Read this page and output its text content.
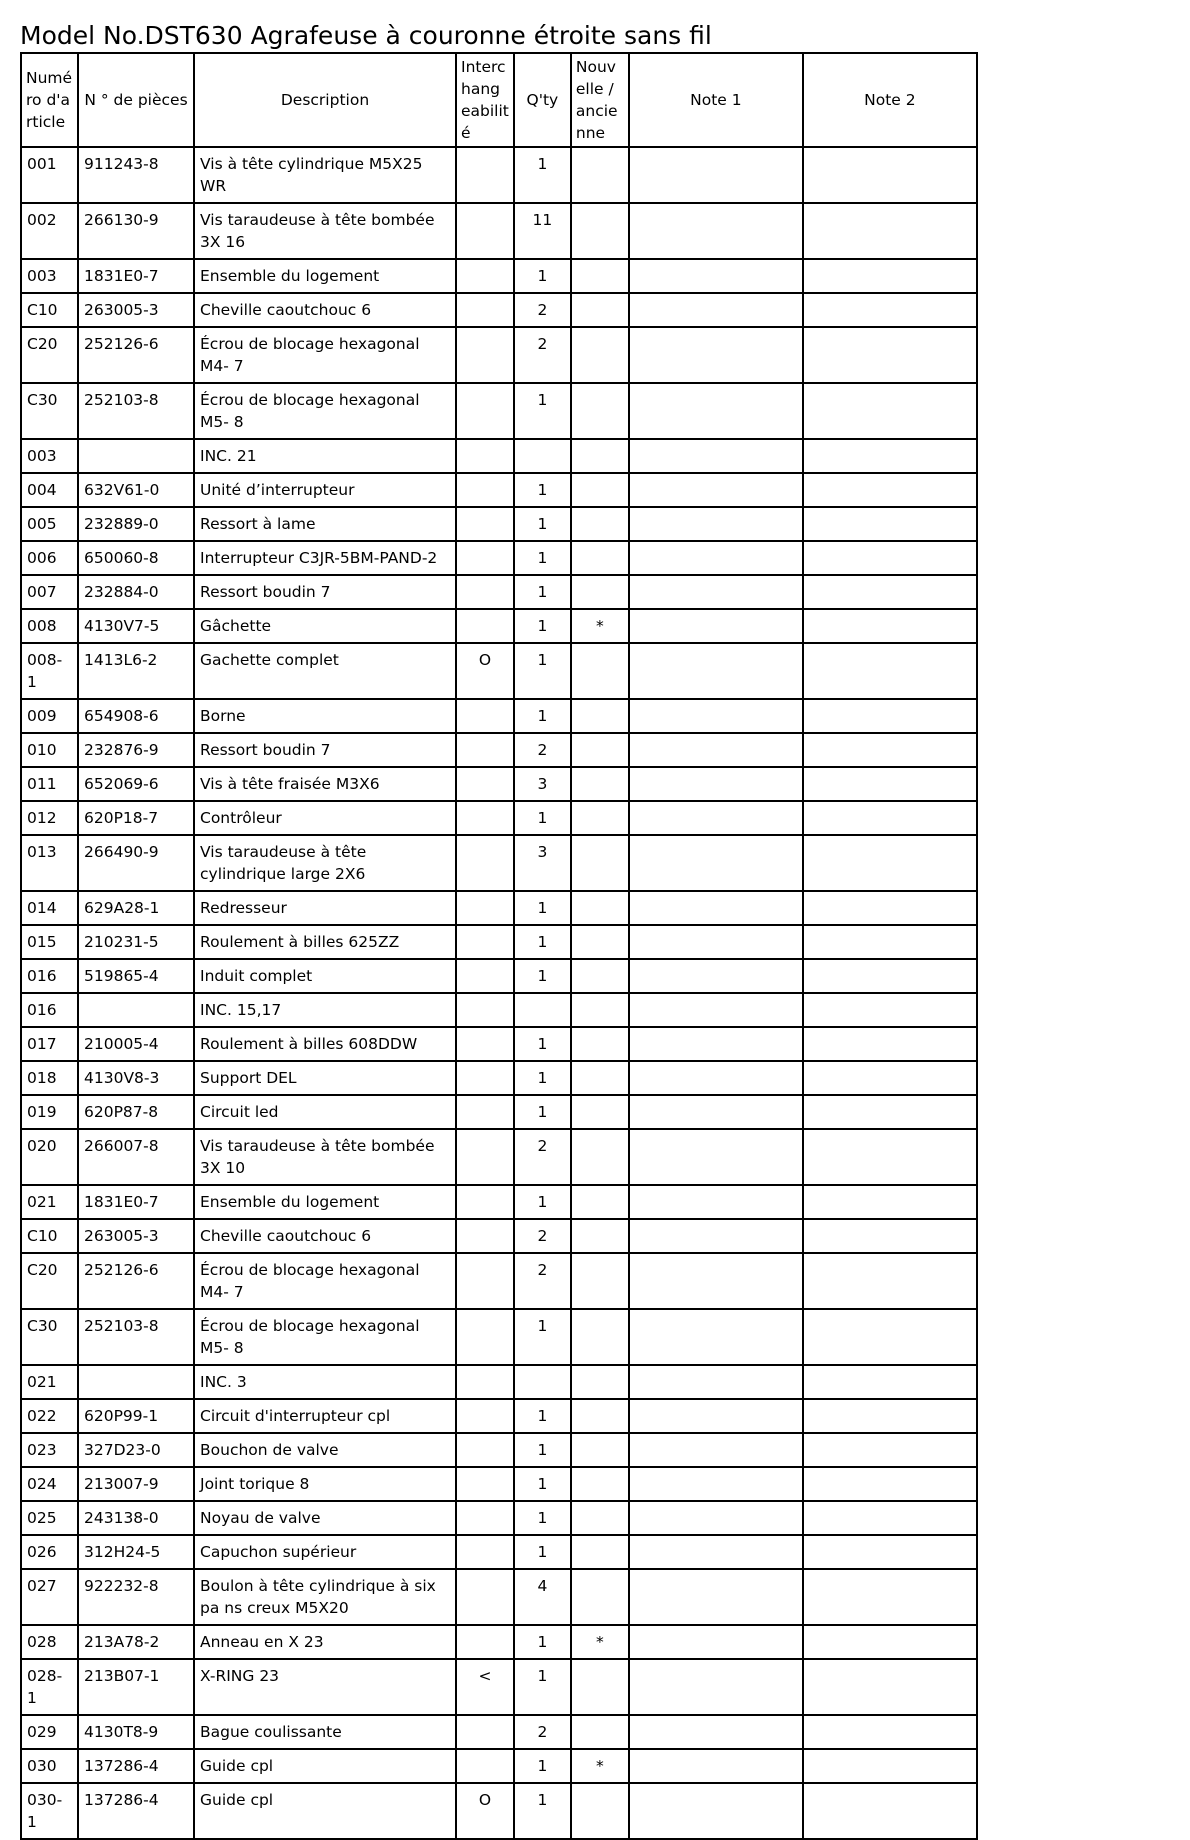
Model No.DST630 Agrafeuse à couronne étroite sans fil
Numé ro d'a rticle	N ° de pièces	Description	Interc hang eabilit é	Q'ty	Nouv elle / ancie nne	Note 1	Note 2
001	911243-8	Vis à tête cylindrique M5X25 WR		1			
002	266130-9	Vis taraudeuse à tête bombée 3X 16		11			
003	1831E0-7	Ensemble du logement		1			
C10	263005-3	Cheville caoutchouc 6		2			
C20	252126-6	Écrou de blocage hexagonal M4- 7		2			
C30	252103-8	Écrou de blocage hexagonal M5- 8		1			
003		INC. 21					
004	632V61-0	Unité d’interrupteur		1			
005	232889-0	Ressort à lame		1			
006	650060-8	Interrupteur C3JR-5BM-PAND-2		1			
007	232884-0	Ressort boudin 7		1			
008	4130V7-5	Gâchette		1	*		
008-1	1413L6-2	Gachette complet	O	1			
009	654908-6	Borne		1			
010	232876-9	Ressort boudin 7		2			
011	652069-6	Vis à tête fraisée M3X6		3			
012	620P18-7	Contrôleur		1			
013	266490-9	Vis taraudeuse à tête cylindrique large 2X6		3			
014	629A28-1	Redresseur		1			
015	210231-5	Roulement à billes 625ZZ		1			
016	519865-4	Induit complet		1			
016		INC. 15,17					
017	210005-4	Roulement à billes 608DDW		1			
018	4130V8-3	Support DEL		1			
019	620P87-8	Circuit led		1			
020	266007-8	Vis taraudeuse à tête bombée 3X 10		2			
021	1831E0-7	Ensemble du logement		1			
C10	263005-3	Cheville caoutchouc 6		2			
C20	252126-6	Écrou de blocage hexagonal M4- 7		2			
C30	252103-8	Écrou de blocage hexagonal M5- 8		1			
021		INC. 3					
022	620P99-1	Circuit d'interrupteur cpl		1			
023	327D23-0	Bouchon de valve		1			
024	213007-9	Joint torique 8		1			
025	243138-0	Noyau de valve		1			
026	312H24-5	Capuchon supérieur		1			
027	922232-8	Boulon à tête cylindrique à six pa ns creux M5X20		4			
028	213A78-2	Anneau en X 23		1	*		
028-1	213B07-1	X-RING 23	<	1			
029	4130T8-9	Bague coulissante		2			
030	137286-4	Guide cpl		1	*		
030-1	137286-4	Guide cpl	O	1			
